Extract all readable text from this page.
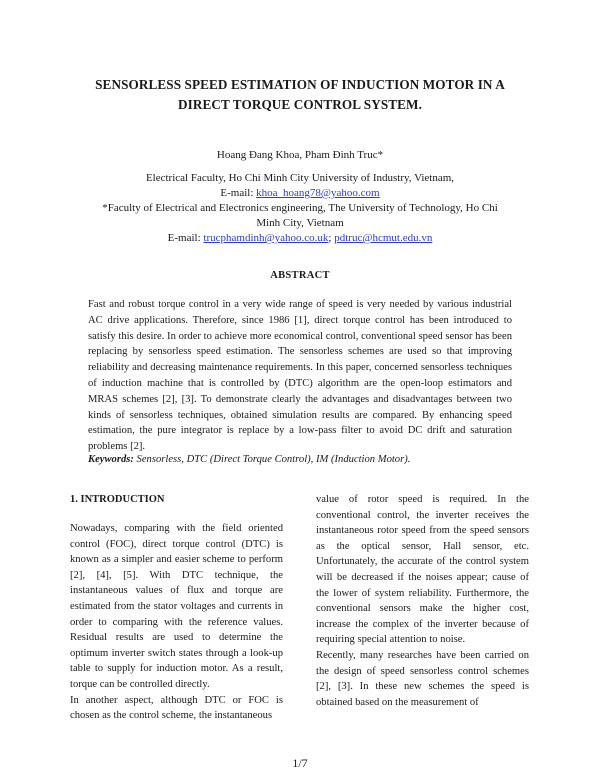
SENSORLESS SPEED ESTIMATION OF INDUCTION MOTOR IN A
DIRECT TORQUE CONTROL SYSTEM.
Hoang Đang Khoa, Pham Đinh Truc*
Electrical Faculty, Ho Chi Minh City University of Industry, Vietnam,
E-mail: khoa_hoang78@yahoo.com
*Faculty of Electrical and Electronics engineering, The University of Technology, Ho Chi
Minh City, Vietnam
E-mail: trucphamdinh@yahoo.co.uk; pdtruc@hcmut.edu.vn
ABSTRACT
Fast and robust torque control in a very wide range of speed is very needed by various industrial AC drive applications. Therefore, since 1986 [1], direct torque control has been introduced to satisfy this desire. In order to achieve more economical control, conventional speed sensor has been replacing by sensorless speed estimation. The sensorless schemes are used so that improving reliability and decreasing maintenance requirements. In this paper, concerned sensorless techniques of induction machine that is controlled by (DTC) algorithm are the open-loop estimators and MRAS schemes [2], [3]. To demonstrate clearly the advantages and disadvantages between two kinds of sensorless techniques, obtained simulation results are compared. By enhancing speed estimation, the pure integrator is replace by a low-pass filter to avoid DC drift and saturation problems [2].
Keywords: Sensorless, DTC (Direct Torque Control), IM (Induction Motor).
1. INTRODUCTION

Nowadays, comparing with the field oriented control (FOC), direct torque control (DTC) is known as a simpler and easier scheme to perform [2], [4], [5]. With DTC technique, the instantaneous values of flux and torque are estimated from the stator voltages and currents in order to comparing with the reference values. Residual results are used to determine the optimum inverter switch states through a look-up table to supply for induction motor. As a result, torque can be controlled directly.

In another aspect, although DTC or FOC is chosen as the control scheme, the instantaneous

value of rotor speed is required. In the conventional control, the inverter receives the instantaneous rotor speed from the speed sensors as the optical sensor, Hall sensor, etc. Unfortunately, the accurate of the control system will be decreased if the noises appear; cause of the lower of system reliability. Furthermore, the conventional sensors make the higher cost, increase the complex of the inverter because of requiring special attention to noise.

Recently, many researches have been carried on the design of speed sensorless control schemes [2], [3]. In these new schemes the speed is obtained based on the measurement of

1/7
